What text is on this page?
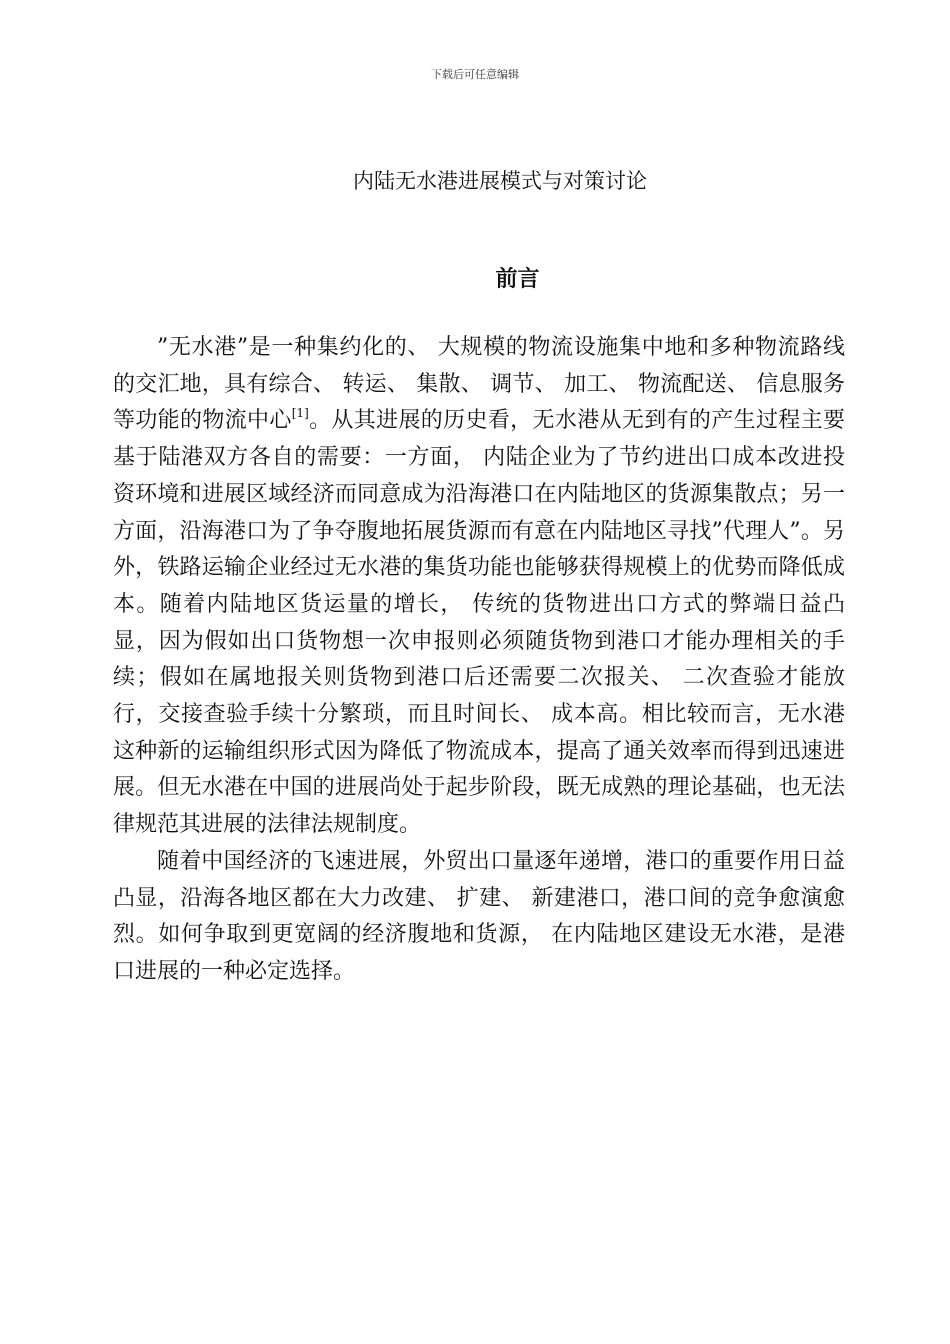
下载后可任意编辑
内陆无水港进展模式与对策讨论
前言

”无水港”是一种集约化的、 大规模的物流设施集中地和多种物流路线的交汇地，具有综合、 转运、 集散、 调节、 加工、 物流配送、 信息服务等功能的物流中心[1]。从其进展的历史看，无水港从无到有的产生过程主要基于陆港双方各自的需要：一方面， 内陆企业为了节约进出口成本改进投资环境和进展区域经济而同意成为沿海港口在内陆地区的货源集散点；另一方面，沿海港口为了争夺腹地拓展货源而有意在内陆地区寻找”代理人”。另外，铁路运输企业经过无水港的集货功能也能够获得规模上的优势而降低成本。随着内陆地区货运量的增长， 传统的货物进出口方式的弊端日益凸显，因为假如出口货物想一次申报则必须随货物到港口才能办理相关的手续；假如在属地报关则货物到港口后还需要二次报关、 二次查验才能放行，交接查验手续十分繁琐，而且时间长、 成本高。相比较而言，无水港这种新的运输组织形式因为降低了物流成本，提高了通关效率而得到迅速进展。但无水港在中国的进展尚处于起步阶段，既无成熟的理论基础，也无法律规范其进展的法律法规制度。

随着中国经济的飞速进展，外贸出口量逐年递增，港口的重要作用日益凸显，沿海各地区都在大力改建、 扩建、 新建港口，港口间的竞争愈演愈烈。如何争取到更宽阔的经济腹地和货源， 在内陆地区建设无水港，是港口进展的一种必定选择。
